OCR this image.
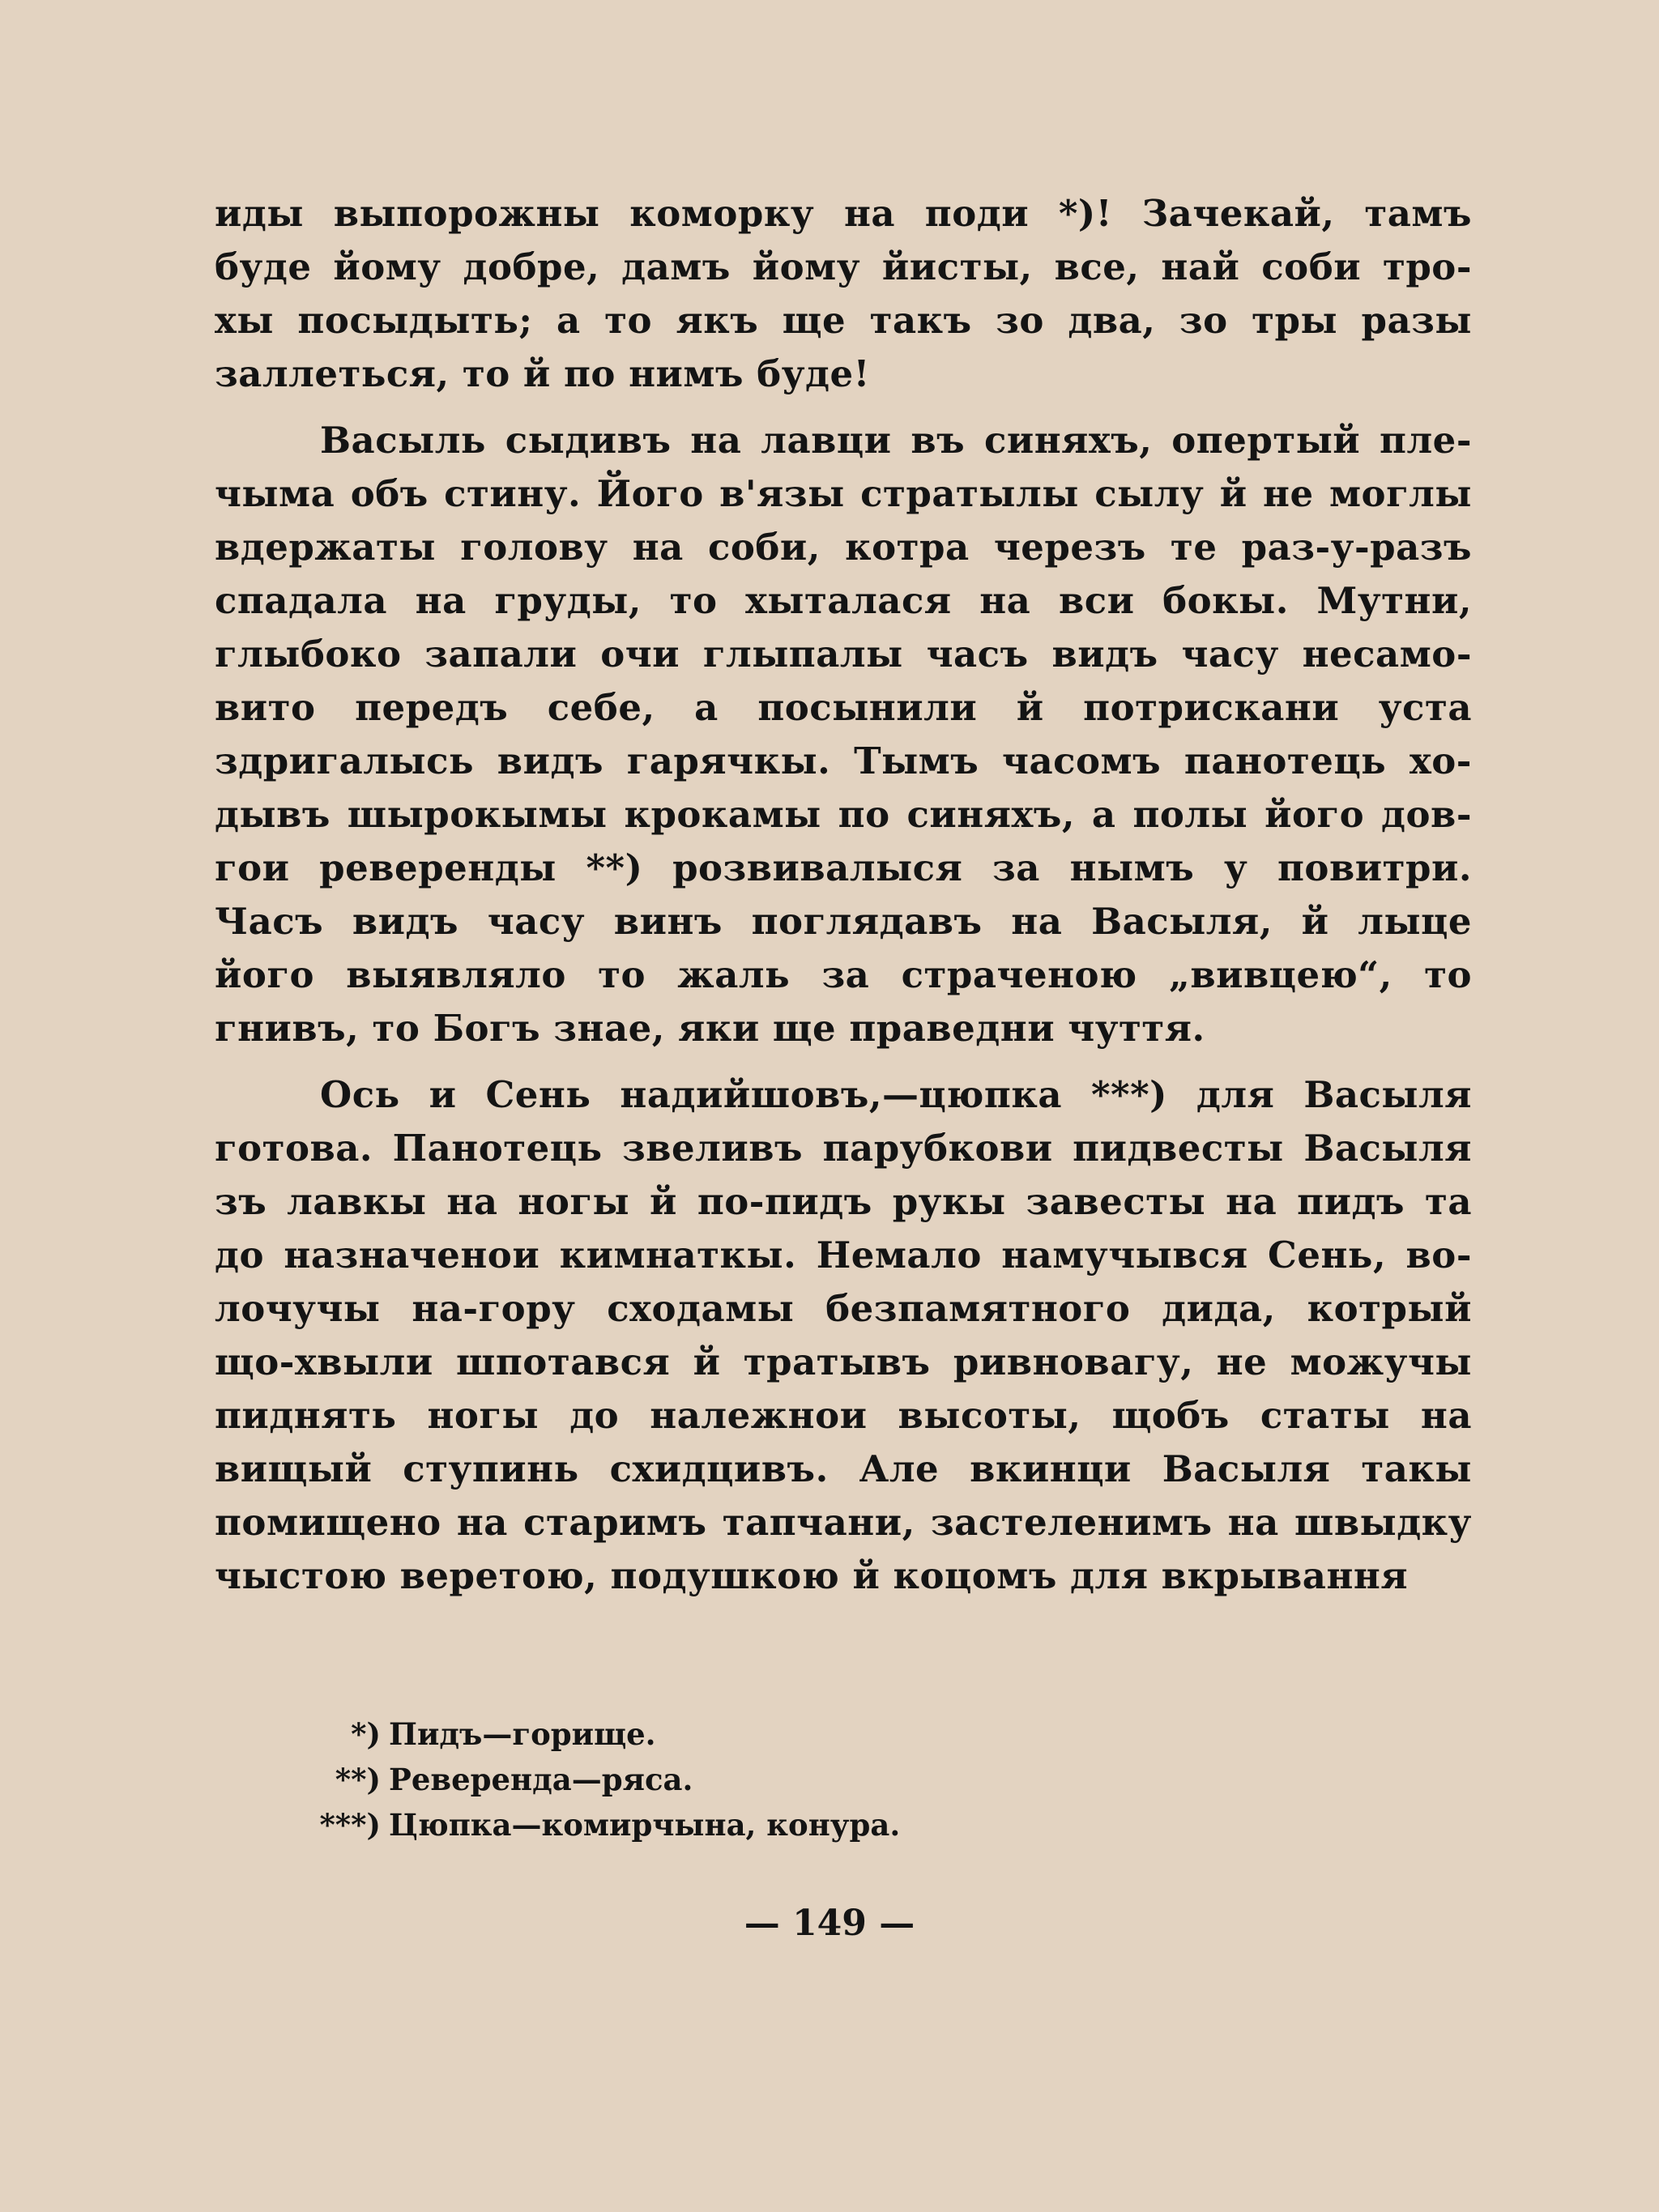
иды выпорожны коморку на поди *)! Зачекай, тамъ
буде йому добре, дамъ йому йисты, все, най соби тро-
хы посыдыть; а то якъ ще такъ зо два, зо тры разы
заллеться, то й по нимъ буде!
Васыль сыдивъ на лавци въ синяхъ, опертый пле-
чыма объ стину. Його в'язы стратылы сылу й не моглы
вдержаты голову на соби, котра черезъ те раз-у-разъ
спадала на груды, то хыталася на вси бокы. Мутни,
глыбоко запали очи глыпалы часъ видъ часу несамо-
вито передъ себе, а посынили й потрискани уста
здригалысь видъ гарячкы. Тымъ часомъ панотець хо-
дывъ шырокымы крокамы по синяхъ, а полы його дов-
гои реверенды **) розвивалыся за нымъ у повитри.
Часъ видъ часу винъ поглядавъ на Васыля, й лыце
його выявляло то жаль за страченою „вивцею“, то
гнивъ, то Богъ знае, яки ще праведни чуття.
Ось и Сень надийшовъ,—цюпка ***) для Васыля
готова. Панотець звеливъ парубкови пидвесты Васыля
зъ лавкы на ногы й по-пидъ рукы завесты на пидъ та
до назначенои кимнаткы. Немало намучывся Сень, во-
лочучы на-гору сходамы безпамятного дида, котрый
що-хвыли шпотався й тратывъ ривновагу, не можучы
пиднять ногы до належнои высоты, щобъ статы на
вищый ступинь схидцивъ. Але вкинци Васыля такы
помищено на старимъ тапчани, застеленимъ на швыдку
чыстою веретою, подушкою й коцомъ для вкрывання
*) Пидъ—горище.
**) Реверенда—ряса.
***) Цюпка—комирчына, конура.
— 149 —
